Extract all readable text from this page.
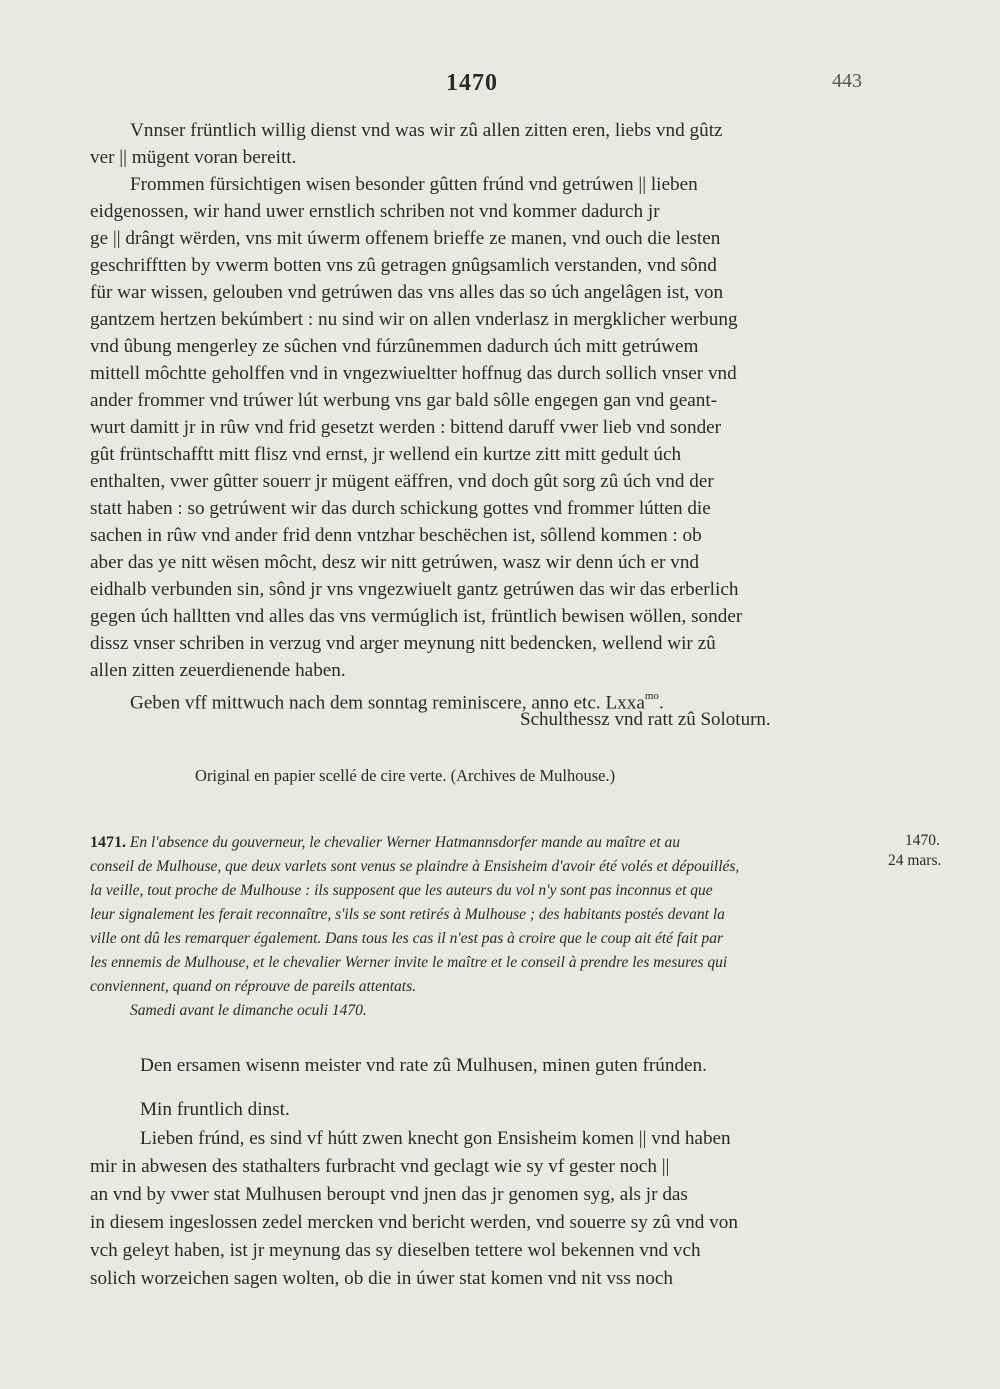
1470	443
Vnnser früntlich willig dienst vnd was wir zû allen zitten eren, liebs vnd gûtz
ver || mügent voran bereitt.
Frommen fürsichtigen wisen besonder gûtten frúnd vnd getrúwen || lieben
eidgenossen, wir hand uwer ernstlich schriben not vnd kommer dadurch jr
ge || drângt wërden, vns mit úwerm offenem brieffe ze manen, vnd ouch die lesten
geschrifftten by vwerm botten vns zû getragen gnûgsamlich verstanden, vnd sônd
für war wissen, gelouben vnd getrúwen das vns alles das so úch angelâgen ist, von
gantzem hertzen bekúmbert : nu sind wir on allen vnderlasz in mergklicher werbung
vnd ûbung mengerley ze sûchen vnd fúrzûnemmen dadurch úch mitt getrúwem
mittell môchtte geholffen vnd in vngezwiueltter hoffnug das durch sollich vnser vnd
ander frommer vnd trúwer lút werbung vns gar bald sôlle engegen gan vnd geant-
wurt damitt jr in rûw vnd frid gesetzt werden : bittend daruff vwer lieb vnd sonder
gût früntschafftt mitt flisz vnd ernst, jr wellend ein kurtze zitt mitt gedult úch
enthalten, vwer gûtter souerr jr mügent eäffren, vnd doch gût sorg zû úch vnd der
statt haben : so getrúwent wir das durch schickung gottes vnd frommer lútten die
sachen in rûw vnd ander frid denn vntzhar beschëchen ist, sôllend kommen : ob
aber das ye nitt wësen môcht, desz wir nitt getrúwen, wasz wir denn úch er vnd
eidhalb verbunden sin, sônd jr vns vngezwiuelt gantz getrúwen das wir das erberlich
gegen úch halltten vnd alles das vns vermúglich ist, früntlich bewisen wöllen, sonder
dissz vnser schriben in verzug vnd arger meynung nitt bedencken, wellend wir zû
allen zitten zeuerdienende haben.
Geben vff mittwuch nach dem sonntag reminiscere, anno etc. Lxxa$^{mo}$.
Schulthessz vnd ratt zû Soloturn.
Original en papier scellé de cire verte. (Archives de Mulhouse.)
1471. En l'absence du gouverneur, le chevalier Werner Hatmannsdorfer mande au maître et au
conseil de Mulhouse, que deux varlets sont venus se plaindre à Ensisheim d'avoir été volés et dépouillés,
la veille, tout proche de Mulhouse : ils supposent que les auteurs du vol n'y sont pas inconnus et que
leur signalement les ferait reconnaître, s'ils se sont retirés à Mulhouse ; des habitants postés devant la
ville ont dû les remarquer également. Dans tous les cas il n'est pas à croire que le coup ait été fait par
les ennemis de Mulhouse, et le chevalier Werner invite le maître et le conseil à prendre les mesures qui
conviennent, quand on réprouve de pareils attentats.
Samedi avant le dimanche oculi 1470.
1470.
24 mars.
Den ersamen wisenn meister vnd rate zû Mulhusen, minen guten frúnden.
Min fruntlich dinst.
Lieben frúnd, es sind vf hútt zwen knecht gon Ensisheim komen || vnd haben
mir in abwesen des stathalters furbracht vnd geclagt wie sy vf gester noch ||
an vnd by vwer stat Mulhusen beroupt vnd jnen das jr genomen syg, als jr das
in diesem ingeslossen zedel mercken vnd bericht werden, vnd souerre sy zû vnd von
vch geleyt haben, ist jr meynung das sy dieselben tettere wol bekennen vnd vch
solich worzeichen sagen wolten, ob die in úwer stat komen vnd nit vss noch
